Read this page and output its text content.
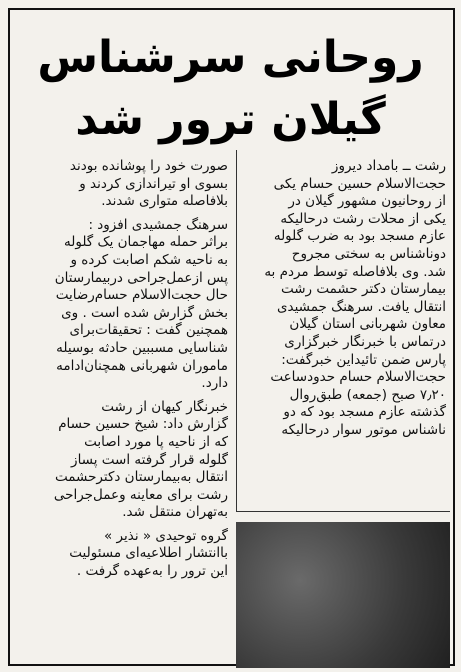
روحانی سرشناس
گیلان ترور شد
رشت ــ بامداد دیروز
حجت‌الاسلام حسین حسام یکی
از روحانیون مشهور گیلان در
یکی از محلات رشت درحالیکه
عازم مسجد بود به ضرب گلوله
دوناشناس به سختی مجروح
شد. وی بلافاصله توسط مردم به
بیمارستان دکتر حشمت رشت
انتقال یافت. سرهنگ جمشیدی
معاون شهربانی استان گیلان
درتماس با خبرنگار خبرگزاری
پارس ضمن تائیداین خبرگفت:
حجت‌الاسلام حسام حدودساعت
۷٫۲۰ صبح (جمعه) طبق‌روال
گذشته عازم مسجد بود که دو
ناشناس موتور سوار درحالیکه
صورت خود را پوشانده بودند
بسوی او تیراندازی کردند و
بلافاصله متواری شدند.
سرهنگ جمشیدی افزود :
براثر حمله مهاجمان یک گلوله
به ناحیه شکم اصابت کرده و
پس ازعمل‌جراحی دربیمارستان
حال حجت‌الاسلام حسام‌رضایت
بخش گزارش شده است . وی
همچنین گفت : تحقیقات‌برای
شناسایی مسببین حادثه بوسیله
ماموران شهربانی همچنان‌ادامه
دارد.
خبرنگار کیهان از رشت
گزارش داد: شیخ حسین حسام
که از ناحیه پا مورد اصابت
گلوله قرار گرفته است پساز
انتقال به‌بیمارستان دکترحشمت
رشت برای معاینه وعمل‌جراحی
به‌تهران منتقل شد.
گروه توحیدی « نذیر »
باانتشار اطلاعیه‌ای مسئولیت
این ترور را به‌عهده گرفت .
